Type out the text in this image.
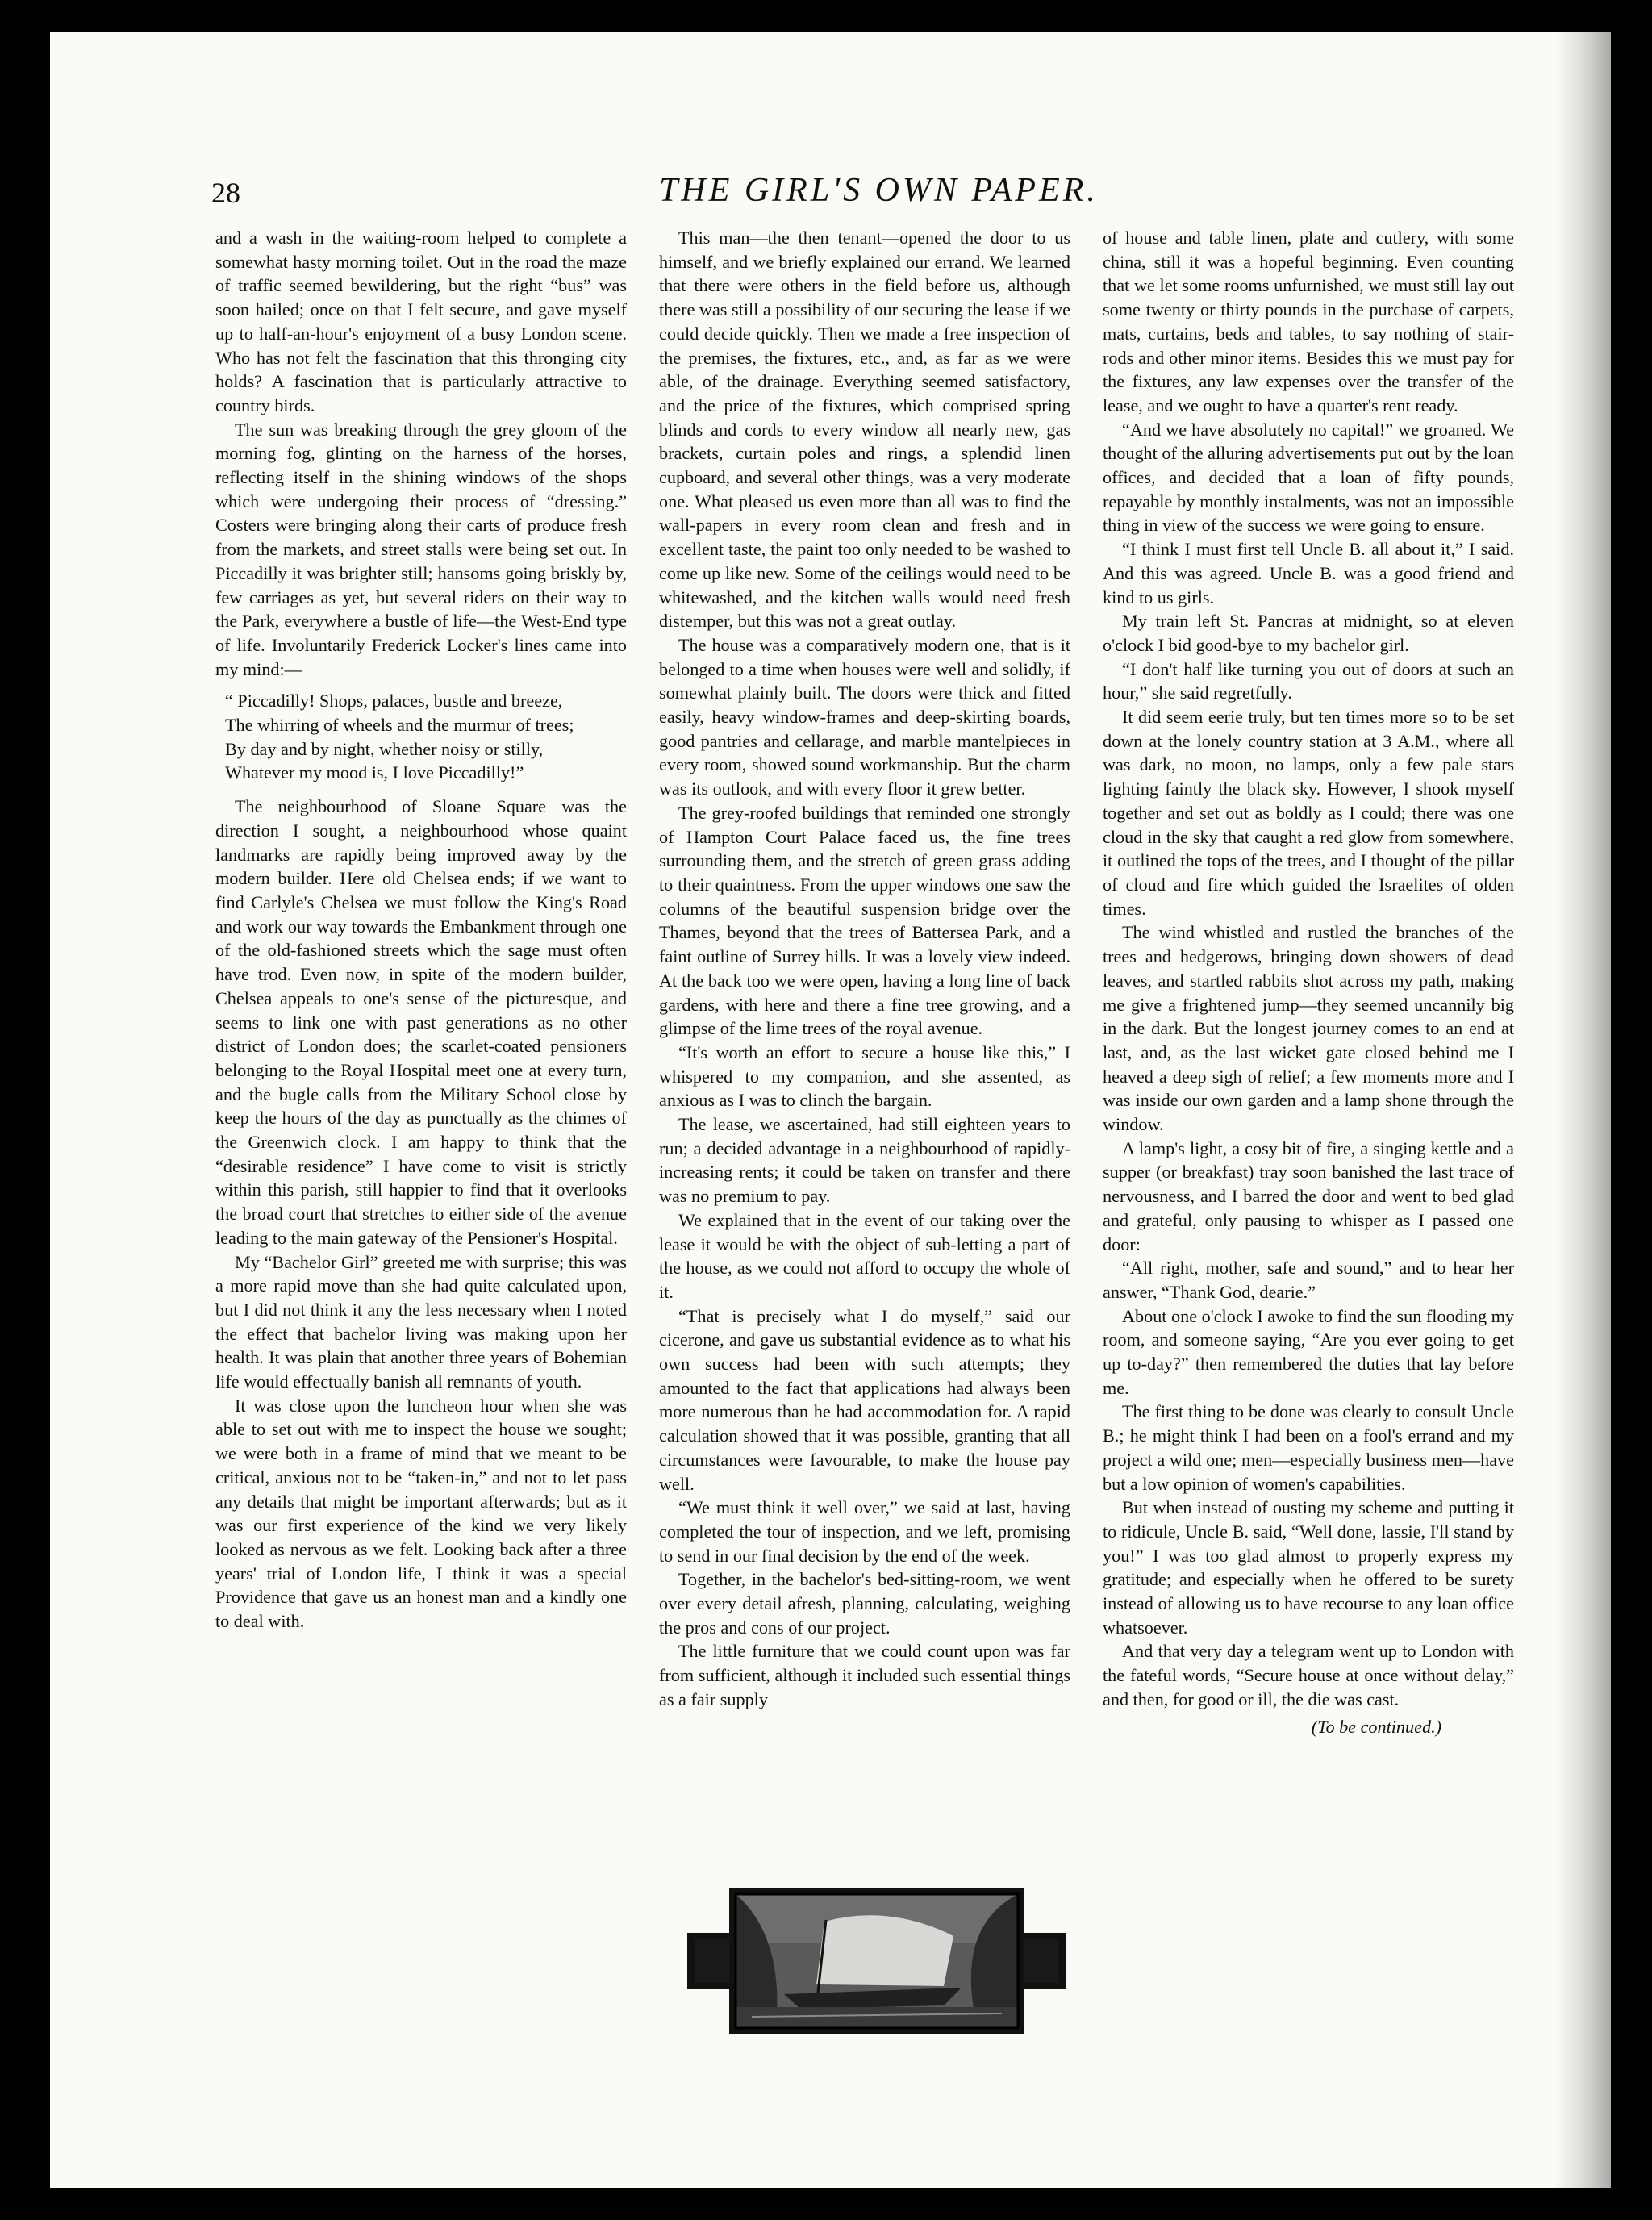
28	THE GIRL'S OWN PAPER.

and a wash in the waiting-room helped to complete a somewhat hasty morning toilet. Out in the road the maze of traffic seemed bewildering, but the right “bus” was soon hailed; once on that I felt secure, and gave myself up to half-an-hour's enjoyment of a busy London scene. Who has not felt the fascination that this thronging city holds? A fascination that is particularly attractive to country birds.

The sun was breaking through the grey gloom of the morning fog, glinting on the harness of the horses, reflecting itself in the shining windows of the shops which were undergoing their process of “dressing.” Costers were bringing along their carts of produce fresh from the markets, and street stalls were being set out. In Piccadilly it was brighter still; hansoms going briskly by, few carriages as yet, but several riders on their way to the Park, everywhere a bustle of life—the West-End type of life. Involuntarily Frederick Locker's lines came into my mind:—

“ Piccadilly! Shops, palaces, bustle and breeze,
The whirring of wheels and the murmur of trees;
By day and by night, whether noisy or stilly,
Whatever my mood is, I love Piccadilly!”

The neighbourhood of Sloane Square was the direction I sought, a neighbourhood whose quaint landmarks are rapidly being improved away by the modern builder. Here old Chelsea ends; if we want to find Carlyle's Chelsea we must follow the King's Road and work our way towards the Embankment through one of the old-fashioned streets which the sage must often have trod. Even now, in spite of the modern builder, Chelsea appeals to one's sense of the picturesque, and seems to link one with past generations as no other district of London does; the scarlet-coated pensioners belonging to the Royal Hospital meet one at every turn, and the bugle calls from the Military School close by keep the hours of the day as punctually as the chimes of the Greenwich clock. I am happy to think that the “desirable residence” I have come to visit is strictly within this parish, still happier to find that it overlooks the broad court that stretches to either side of the avenue leading to the main gateway of the Pensioner's Hospital.

My “Bachelor Girl” greeted me with surprise; this was a more rapid move than she had quite calculated upon, but I did not think it any the less necessary when I noted the effect that bachelor living was making upon her health. It was plain that another three years of Bohemian life would effectually banish all remnants of youth.

It was close upon the luncheon hour when she was able to set out with me to inspect the house we sought; we were both in a frame of mind that we meant to be critical, anxious not to be “taken-in,” and not to let pass any details that might be important afterwards; but as it was our first experience of the kind we very likely looked as nervous as we felt. Looking back after a three years' trial of London life, I think it was a special Providence that gave us an honest man and a kindly one to deal with.

This man—the then tenant—opened the door to us himself, and we briefly explained our errand. We learned that there were others in the field before us, although there was still a possibility of our securing the lease if we could decide quickly. Then we made a free inspection of the premises, the fixtures, etc., and, as far as we were able, of the drainage. Everything seemed satisfactory, and the price of the fixtures, which comprised spring blinds and cords to every window all nearly new, gas brackets, curtain poles and rings, a splendid linen cupboard, and several other things, was a very moderate one. What pleased us even more than all was to find the wall-papers in every room clean and fresh and in excellent taste, the paint too only needed to be washed to come up like new. Some of the ceilings would need to be whitewashed, and the kitchen walls would need fresh distemper, but this was not a great outlay.

The house was a comparatively modern one, that is it belonged to a time when houses were well and solidly, if somewhat plainly built. The doors were thick and fitted easily, heavy window-frames and deep-skirting boards, good pantries and cellarage, and marble mantelpieces in every room, showed sound workmanship. But the charm was its outlook, and with every floor it grew better.

The grey-roofed buildings that reminded one strongly of Hampton Court Palace faced us, the fine trees surrounding them, and the stretch of green grass adding to their quaintness. From the upper windows one saw the columns of the beautiful suspension bridge over the Thames, beyond that the trees of Battersea Park, and a faint outline of Surrey hills. It was a lovely view indeed. At the back too we were open, having a long line of back gardens, with here and there a fine tree growing, and a glimpse of the lime trees of the royal avenue.

“It's worth an effort to secure a house like this,” I whispered to my companion, and she assented, as anxious as I was to clinch the bargain.

The lease, we ascertained, had still eighteen years to run; a decided advantage in a neighbourhood of rapidly-increasing rents; it could be taken on transfer and there was no premium to pay.

We explained that in the event of our taking over the lease it would be with the object of sub-letting a part of the house, as we could not afford to occupy the whole of it.

“That is precisely what I do myself,” said our cicerone, and gave us substantial evidence as to what his own success had been with such attempts; they amounted to the fact that applications had always been more numerous than he had accommodation for. A rapid calculation showed that it was possible, granting that all circumstances were favourable, to make the house pay well.

“We must think it well over,” we said at last, having completed the tour of inspection, and we left, promising to send in our final decision by the end of the week.

Together, in the bachelor's bed-sitting-room, we went over every detail afresh, planning, calculating, weighing the pros and cons of our project.

The little furniture that we could count upon was far from sufficient, although it included such essential things as a fair supply

of house and table linen, plate and cutlery, with some china, still it was a hopeful beginning. Even counting that we let some rooms unfurnished, we must still lay out some twenty or thirty pounds in the purchase of carpets, mats, curtains, beds and tables, to say nothing of stair-rods and other minor items. Besides this we must pay for the fixtures, any law expenses over the transfer of the lease, and we ought to have a quarter's rent ready.

“And we have absolutely no capital!” we groaned. We thought of the alluring advertisements put out by the loan offices, and decided that a loan of fifty pounds, repayable by monthly instalments, was not an impossible thing in view of the success we were going to ensure.

“I think I must first tell Uncle B. all about it,” I said. And this was agreed. Uncle B. was a good friend and kind to us girls.

My train left St. Pancras at midnight, so at eleven o'clock I bid good-bye to my bachelor girl.

“I don't half like turning you out of doors at such an hour,” she said regretfully.

It did seem eerie truly, but ten times more so to be set down at the lonely country station at 3 A.M., where all was dark, no moon, no lamps, only a few pale stars lighting faintly the black sky. However, I shook myself together and set out as boldly as I could; there was one cloud in the sky that caught a red glow from somewhere, it outlined the tops of the trees, and I thought of the pillar of cloud and fire which guided the Israelites of olden times.

The wind whistled and rustled the branches of the trees and hedgerows, bringing down showers of dead leaves, and startled rabbits shot across my path, making me give a frightened jump—they seemed uncannily big in the dark. But the longest journey comes to an end at last, and, as the last wicket gate closed behind me I heaved a deep sigh of relief; a few moments more and I was inside our own garden and a lamp shone through the window.

A lamp's light, a cosy bit of fire, a singing kettle and a supper (or breakfast) tray soon banished the last trace of nervousness, and I barred the door and went to bed glad and grateful, only pausing to whisper as I passed one door:

“All right, mother, safe and sound,” and to hear her answer, “Thank God, dearie.”

About one o'clock I awoke to find the sun flooding my room, and someone saying, “Are you ever going to get up to-day?” then remembered the duties that lay before me.

The first thing to be done was clearly to consult Uncle B.; he might think I had been on a fool's errand and my project a wild one; men—especially business men—have but a low opinion of women's capabilities.

But when instead of ousting my scheme and putting it to ridicule, Uncle B. said, “Well done, lassie, I'll stand by you!” I was too glad almost to properly express my gratitude; and especially when he offered to be surety instead of allowing us to have recourse to any loan office whatsoever.

And that very day a telegram went up to London with the fateful words, “Secure house at once without delay,” and then, for good or ill, the die was cast.

(To be continued.)
